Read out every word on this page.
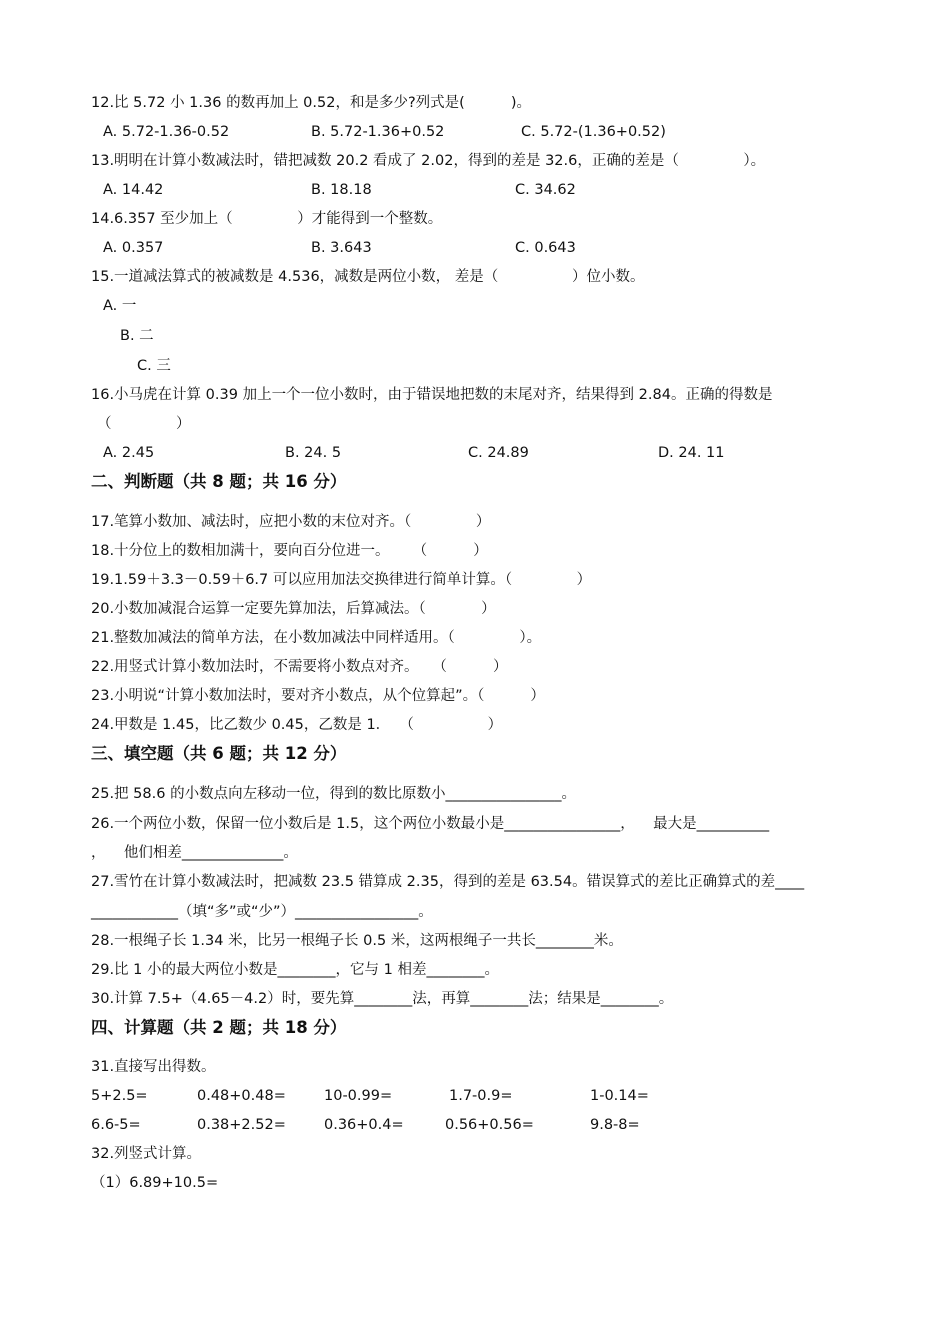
12.比 5.72 小 1.36 的数再加上 0.52，和是多少?列式是(          )。
A. 5.72-1.36-0.52	B. 5.72-1.36+0.52	C. 5.72-(1.36+0.52)
13.明明在计算小数减法时，错把减数 20.2 看成了 2.02，得到的差是 32.6，正确的差是（              ）。
A. 14.42	B. 18.18	C. 34.62
14.6.357 至少加上（              ）才能得到一个整数。
A. 0.357	B. 3.643	C. 0.643
15.一道减法算式的被减数是 4.536，减数是两位小数， 差是（                ）位小数。
A. 一
B. 二
C. 三
16.小马虎在计算 0.39 加上一个一位小数时，由于错误地把数的末尾对齐，结果得到 2.84。正确的得数是
（              ）
A. 2.45	B. 24. 5	C. 24.89	D. 24. 11
二、判断题（共 8 题；共 16 分）
17.笔算小数加、减法时，应把小数的末位对齐。（              ）
18.十分位上的数相加满十，要向百分位进一。     （          ）
19.1.59＋3.3－0.59＋6.7 可以应用加法交换律进行简单计算。（              ）
20.小数加减混合运算一定要先算加法，后算减法。（            ）
21.整数加减法的简单方法，在小数加减法中同样适用。（              ）。
22.用竖式计算小数加法时，不需要将小数点对齐。   （          ）
23.小明说“计算小数加法时，要对齐小数点，从个位算起”。（          ）
24.甲数是 1.45，比乙数少 0.45，乙数是 1．  （                ）
三、填空题（共 6 题；共 12 分）
25.把 58.6 的小数点向左移动一位，得到的数比原数小________________。
26.一个两位小数，保留一位小数后是 1.5，这个两位小数最小是________________，    最大是__________
，    他们相差______________。
27.雪竹在计算小数减法时，把减数 23.5 错算成 2.35，得到的差是 63.54。错误算式的差比正确算式的差____
____________（填“多”或“少”）_________________。
28.一根绳子长 1.34 米，比另一根绳子长 0.5 米，这两根绳子一共长________米。
29.比 1 小的最大两位小数是________，它与 1 相差________。
30.计算 7.5+（4.65－4.2）时，要先算________法，再算________法；结果是________。
四、计算题（共 2 题；共 18 分）
31.直接写出得数。
5+2.5=	0.48+0.48=	10-0.99=	1.7-0.9=	1-0.14=
6.6-5=	0.38+2.52=	0.36+0.4=	0.56+0.56=	9.8-8=
32.列竖式计算。
（1）6.89+10.5=
